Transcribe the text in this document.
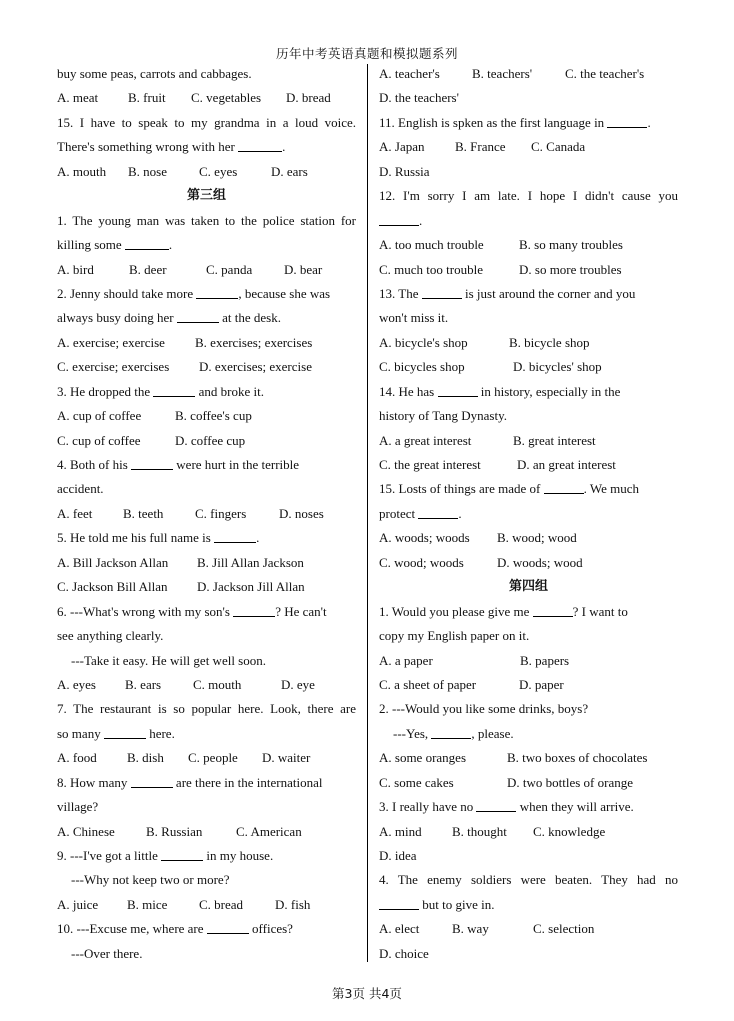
历年中考英语真题和模拟题系列
buy some peas, carrots and cabbages.
A. meat B. fruit C. vegetables D. bread
15. I have to speak to my grandma in a loud voice.
There's something wrong with her	.
A. mouth B. nose C. eyes	D. ears
第三组
1. The young man was taken to the police station for
killing some	.
A. bird	B. deer	C. panda D. bear
2. Jenny should take more	, because she was
always busy doing her	at the desk.
A. exercise; exercise B. exercises; exercises
C. exercise; exercises D. exercises; exercise
3. He dropped the	and broke it.
A. cup of coffee	B. coffee's cup
C. cup of coffee	D. coffee cup
4. Both of his	were hurt in the terrible
accident.
A. feet B. teeth C. fingers	D. noses
5. He told me his full name is	.
A. Bill Jackson Allan B. Jill Allan Jackson
C. Jackson Bill Allan D. Jackson Jill Allan
6. ---What's wrong with my son's	? He can't
see anything clearly.
---Take it easy. He will get well soon.
A. eyes B. ears C. mouth	D. eye
7. The restaurant is so popular here. Look, there are
so many	here.
A. food B. dish C. people D. waiter
8. How many	are there in the international
village?
A. Chinese B. Russian	C. American
9. ---I've got a little	in my house.
---Why not keep two or more?
A. juice B. mice C. bread D. fish
10. ---Excuse me, where are	offices?
---Over there.
A. teacher's B. teachers'	C. the teacher's
D. the teachers'
11. English is spken as the first language in	.
A. Japan B. France C. Canada
D. Russia
12. I'm sorry I am late. I hope I didn't cause you
.
A. too much trouble	B. so many troubles
C. much too trouble	D. so more troubles
13. The	is just around the corner and you
won't miss it.
A. bicycle's shop	B. bicycle shop
C. bicycles shop	D. bicycles' shop
14. He has	in history, especially in the
history of Tang Dynasty.
A. a great interest	B. great interest
C. the great interest	D. an great interest
15. Losts of things are made of	. We much
protect	.
A. woods; woods B. wood; wood
C. wood; woods	D. woods; wood
第四组
1. Would you please give me	? I want to
copy my English paper on it.
A. a paper	B. papers
C. a sheet of paper	D. paper
2. ---Would you like some drinks, boys?
---Yes,	, please.
A. some oranges	B. two boxes of chocolates
C. some cakes	D. two bottles of orange
3. I really have no	when they will arrive.
A. mind B. thought C. knowledge
D. idea
4. The enemy soldiers were beaten. They had no
but to give in.
A. elect	B. way	C. selection
D. choice
第3页 共4页
